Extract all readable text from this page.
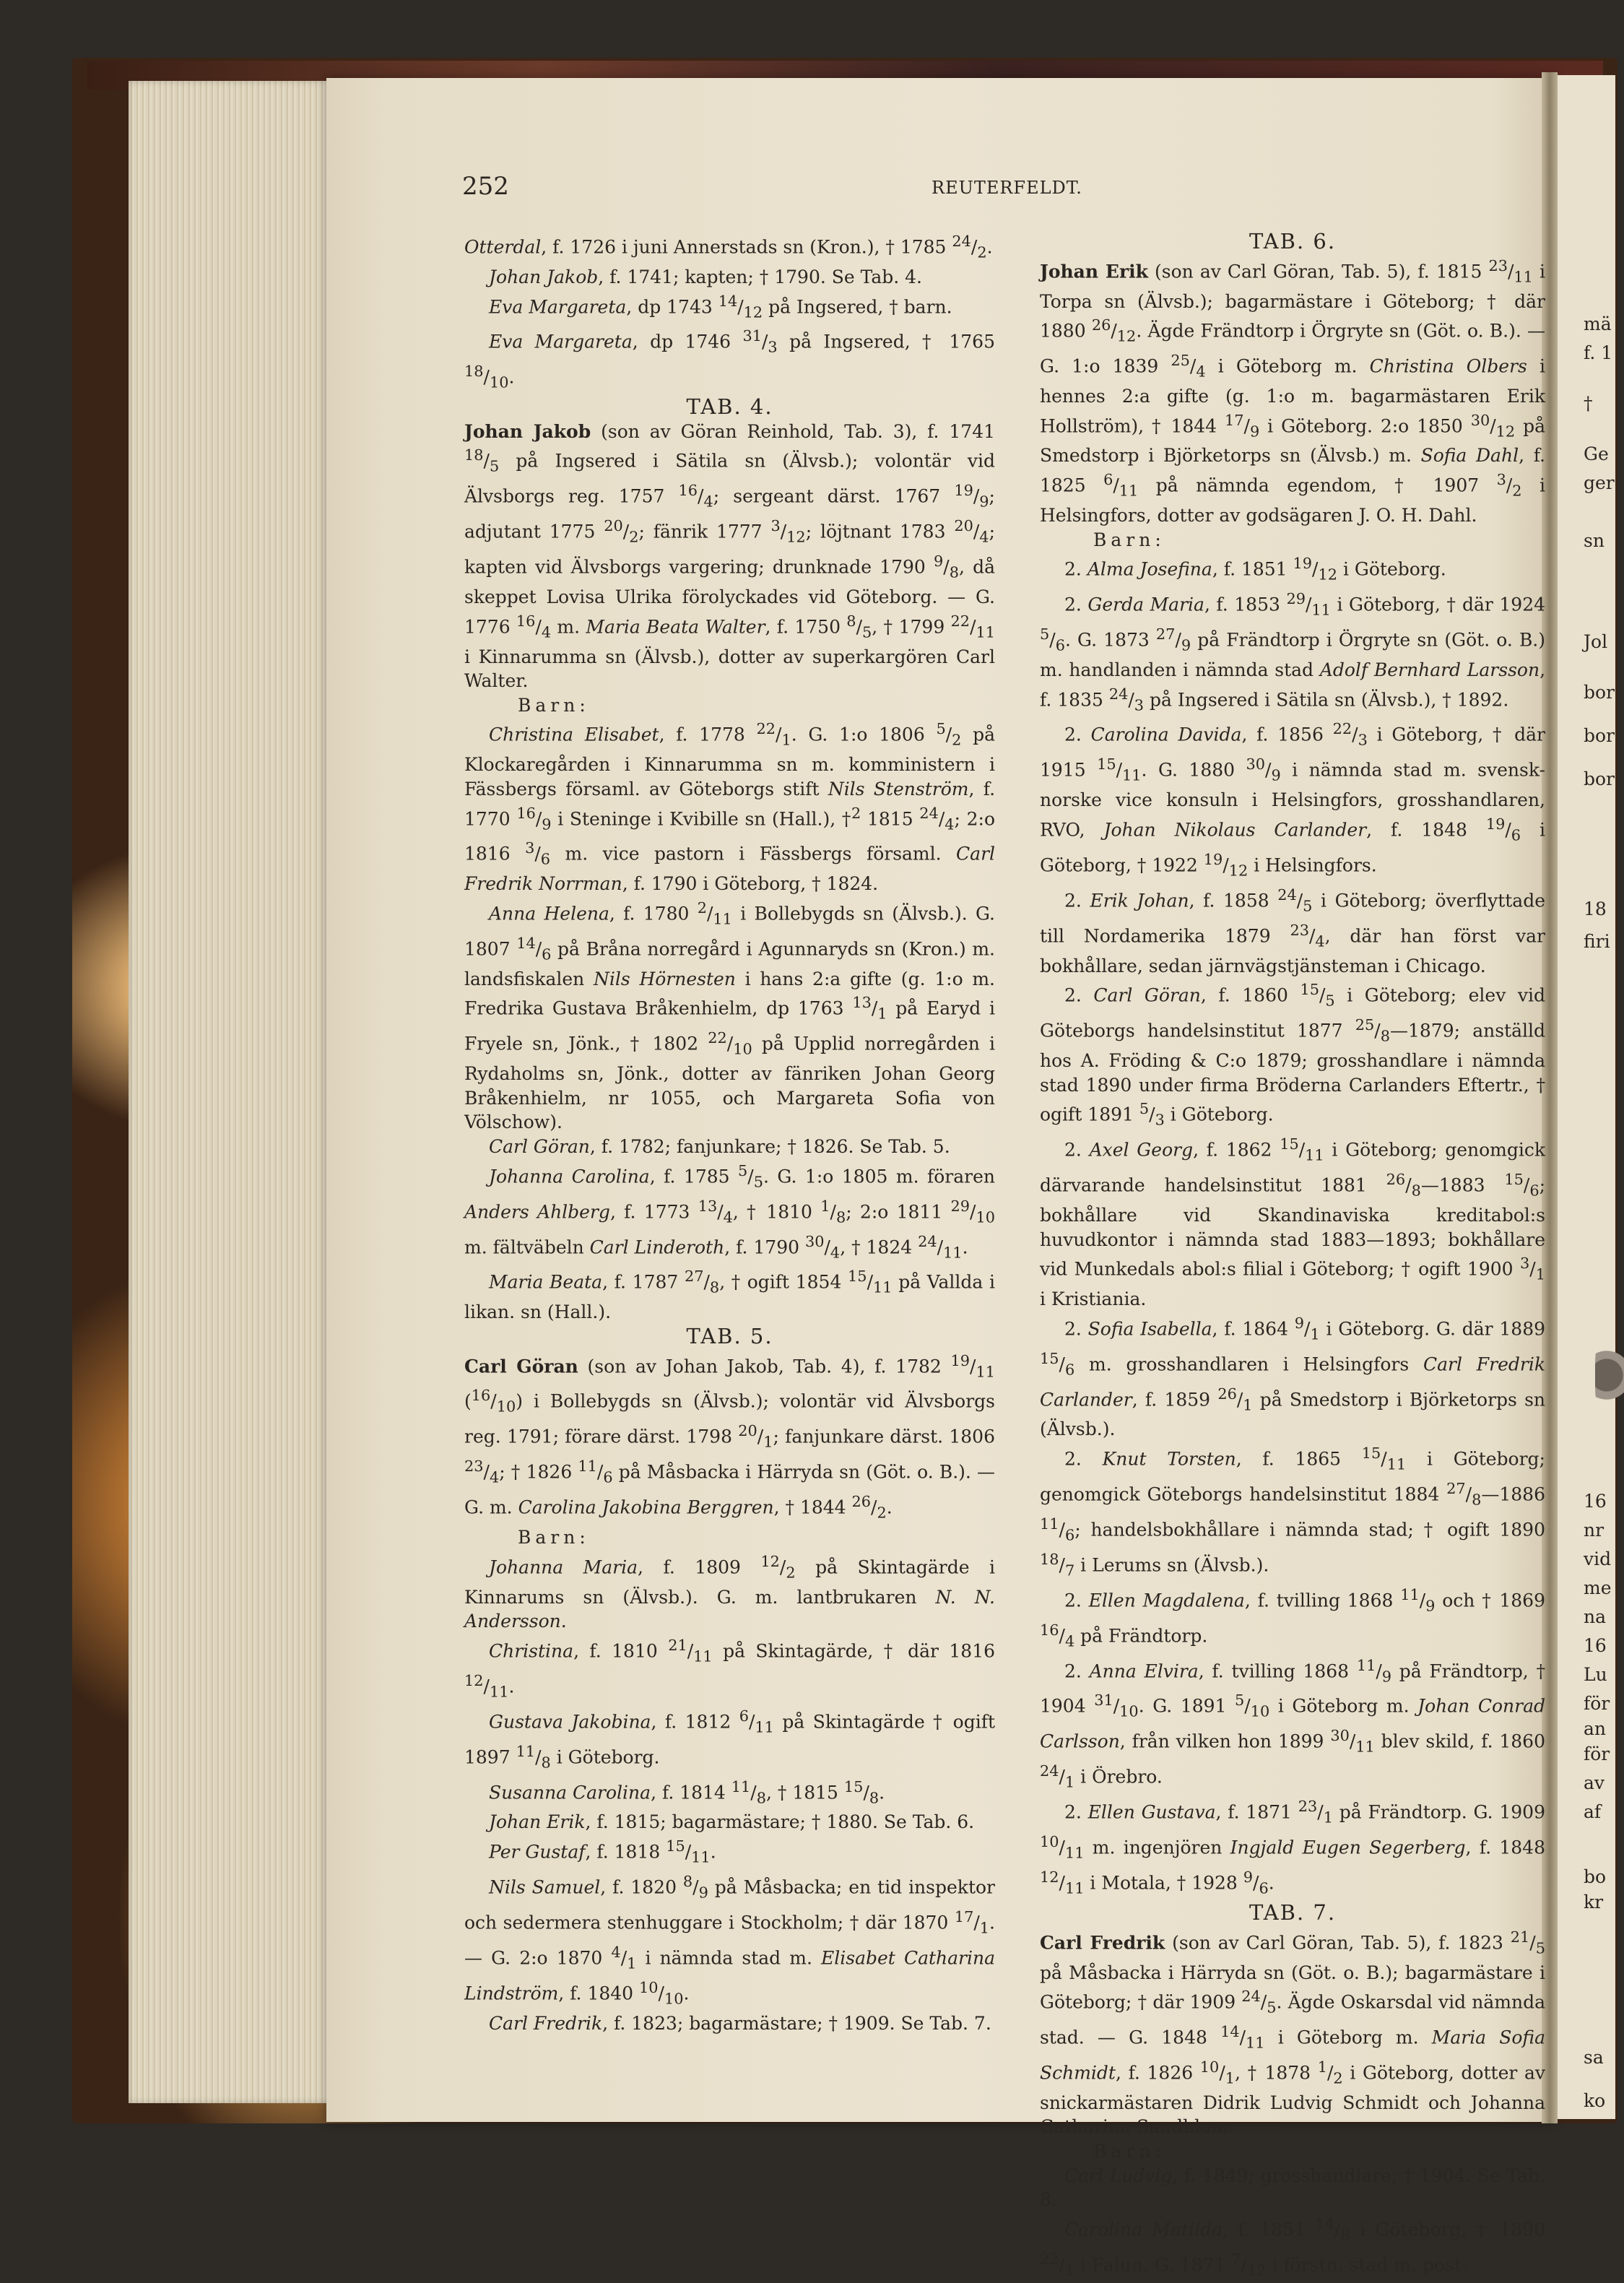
mä
f. 1
†
Ge
ger
sn
Jol
bor
bor
bor
18
firi
16
nr
vid
me
na
16
Lu
för
an
för
av
af
bo
kr
sa
ko
252	REUTERFELDT.

Otterdal, f. 1726 i juni Annerstads sn (Kron.), † 1785 $^{24}/_2$.

Johan Jakob, f. 1741; kapten; † 1790. Se Tab. 4.

Eva Margareta, dp 1743 $^{14}/_{12}$ på Ingsered, † barn.

Eva Margareta, dp 1746 $^{31}/_3$ på Ingsered, † 1765 $^{18}/_{10}$.

TAB. 4.

Johan Jakob (son av Göran Reinhold, Tab. 3), f. 1741 $^{18}/_5$ på Ingsered i Sätila sn (Älvsb.); volontär vid Älvsborgs reg. 1757 $^{16}/_4$; sergeant därst. 1767 $^{19}/_9$; adjutant 1775 $^{20}/_2$; fänrik 1777 $^3/_{12}$; löjtnant 1783 $^{20}/_4$; kapten vid Älvsborgs vargering; drunknade 1790 $^9/_8$, då skeppet Lovisa Ulrika förolyckades vid Göteborg. — G. 1776 $^{16}/_4$ m. Maria Beata Walter, f. 1750 $^8/_5$, † 1799 $^{22}/_{11}$ i Kinnarumma sn (Älvsb.), dotter av superkargören Carl Walter.

Barn:

Christina Elisabet, f. 1778 $^{22}/_1$. G. 1:o 1806 $^5/_2$ på Klockaregården i Kinnarumma sn m. komministern i Fässbergs församl. av Göteborgs stift Nils Stenström, f. 1770 $^{16}/_9$ i Steninge i Kvibille sn (Hall.), †$^2$ 1815 $^{24}/_4$; 2:o 1816 $^3/_6$ m. vice pastorn i Fässbergs församl. Carl Fredrik Norrman, f. 1790 i Göteborg, † 1824.

Anna Helena, f. 1780 $^2/_{11}$ i Bollebygds sn (Älvsb.). G. 1807 $^{14}/_6$ på Bråna norregård i Agunnaryds sn (Kron.) m. landsfiskalen Nils Hörnesten i hans 2:a gifte (g. 1:o m. Fredrika Gustava Bråkenhielm, dp 1763 $^{13}/_1$ på Earyd i Fryele sn, Jönk., † 1802 $^{22}/_{10}$ på Upplid norregården i Rydaholms sn, Jönk., dotter av fänriken Johan Georg Bråkenhielm, nr 1055, och Margareta Sofia von Völschow).

Carl Göran, f. 1782; fanjunkare; † 1826. Se Tab. 5.

Johanna Carolina, f. 1785 $^5/_5$. G. 1:o 1805 m. föraren Anders Ahlberg, f. 1773 $^{13}/_4$, † 1810 $^1/_8$; 2:o 1811 $^{29}/_{10}$ m. fältväbeln Carl Linderoth, f. 1790 $^{30}/_4$, † 1824 $^{24}/_{11}$.

Maria Beata, f. 1787 $^{27}/_8$, † ogift 1854 $^{15}/_{11}$ på Vallda i likan. sn (Hall.).

TAB. 5.

Carl Göran (son av Johan Jakob, Tab. 4), f. 1782 $^{19}/_{11}$ $(^{16}/_{10})$ i Bollebygds sn (Älvsb.); volontär vid Älvsborgs reg. 1791; förare därst. 1798 $^{20}/_1$; fanjunkare därst. 1806 $^{23}/_4$; † 1826 $^{11}/_6$ på Måsbacka i Härryda sn (Göt. o. B.). — G. m. Carolina Jakobina Berggren, † 1844 $^{26}/_2$.

Barn:

Johanna Maria, f. 1809 $^{12}/_2$ på Skintagärde i Kinnarums sn (Älvsb.). G. m. lantbrukaren N. N. Andersson.

Christina, f. 1810 $^{21}/_{11}$ på Skintagärde, † där 1816 $^{12}/_{11}$.

Gustava Jakobina, f. 1812 $^6/_{11}$ på Skintagärde † ogift 1897 $^{11}/_8$ i Göteborg.

Susanna Carolina, f. 1814 $^{11}/_8$, † 1815 $^{15}/_8$.

Johan Erik, f. 1815; bagarmästare; † 1880. Se Tab. 6.

Per Gustaf, f. 1818 $^{15}/_{11}$.

Nils Samuel, f. 1820 $^8/_9$ på Måsbacka; en tid inspektor och sedermera stenhuggare i Stockholm; † där 1870 $^{17}/_1$. — G. 2:o 1870 $^4/_1$ i nämnda stad m. Elisabet Catharina Lindström, f. 1840 $^{10}/_{10}$.

Carl Fredrik, f. 1823; bagarmästare; † 1909. Se Tab. 7.

TAB. 6.

Johan Erik (son av Carl Göran, Tab. 5), f. 1815 $^{23}/_{11}$ i Torpa sn (Älvsb.); bagarmästare i Göteborg; † där 1880 $^{26}/_{12}$. Ägde Frändtorp i Örgryte sn (Göt. o. B.). — G. 1:o 1839 $^{25}/_4$ i Göteborg m. Christina Olbers i hennes 2:a gifte (g. 1:o m. bagarmästaren Erik Hollström), † 1844 $^{17}/_9$ i Göteborg. 2:o 1850 $^{30}/_{12}$ på Smedstorp i Björketorps sn (Älvsb.) m. Sofia Dahl, f. 1825 $^6/_{11}$ på nämnda egendom, † 1907 $^3/_2$ i Helsingfors, dotter av godsägaren J. O. H. Dahl.

Barn:

2. Alma Josefina, f. 1851 $^{19}/_{12}$ i Göteborg.

2. Gerda Maria, f. 1853 $^{29}/_{11}$ i Göteborg, † där 1924 $^5/_6$. G. 1873 $^{27}/_9$ på Frändtorp i Örgryte sn (Göt. o. B.) m. handlanden i nämnda stad Adolf Bernhard Larsson, f. 1835 $^{24}/_3$ på Ingsered i Sätila sn (Älvsb.), † 1892.

2. Carolina Davida, f. 1856 $^{22}/_3$ i Göteborg, † där 1915 $^{15}/_{11}$. G. 1880 $^{30}/_9$ i nämnda stad m. svensk-norske vice konsuln i Helsingfors, grosshandlaren, RVO, Johan Nikolaus Carlander, f. 1848 $^{19}/_6$ i Göteborg, † 1922 $^{19}/_{12}$ i Helsingfors.

2. Erik Johan, f. 1858 $^{24}/_5$ i Göteborg; överflyttade till Nordamerika 1879 $^{23}/_4$, där han först var bokhållare, sedan järnvägstjänsteman i Chicago.

2. Carl Göran, f. 1860 $^{15}/_5$ i Göteborg; elev vid Göteborgs handelsinstitut 1877 $^{25}/_8—1879$; anställd hos A. Fröding & C:o 1879; grosshandlare i nämnda stad 1890 under firma Bröderna Carlanders Eftertr., † ogift 1891 $^5/_3$ i Göteborg.

2. Axel Georg, f. 1862 $^{15}/_{11}$ i Göteborg; genomgick därvarande handelsinstitut 1881 $^{26}/_8—1883$ $^{15}/_6$; bokhållare vid Skandinaviska kreditabol:s huvudkontor i nämnda stad 1883—1893; bokhållare vid Munkedals abol:s filial i Göteborg; † ogift 1900 $^3/_1$ i Kristiania.

2. Sofia Isabella, f. 1864 $^9/_1$ i Göteborg. G. där 1889 $^{15}/_6$ m. grosshandlaren i Helsingfors Carl Fredrik Carlander, f. 1859 $^{26}/_1$ på Smedstorp i Björketorps sn (Älvsb.).

2. Knut Torsten, f. 1865 $^{15}/_{11}$ i Göteborg; genomgick Göteborgs handelsinstitut 1884 $^{27}/_8—1886$ $^{11}/_6$; handelsbokhållare i nämnda stad; † ogift 1890 $^{18}/_7$ i Lerums sn (Älvsb.).

2. Ellen Magdalena, f. tvilling 1868 $^{11}/_9$ och † 1869 $^{16}/_4$ på Frändtorp.

2. Anna Elvira, f. tvilling 1868 $^{11}/_9$ på Frändtorp, † 1904 $^{31}/_{10}$. G. 1891 $^5/_{10}$ i Göteborg m. Johan Conrad Carlsson, från vilken hon 1899 $^{30}/_{11}$ blev skild, f. 1860 $^{24}/_1$ i Örebro.

2. Ellen Gustava, f. 1871 $^{23}/_1$ på Frändtorp. G. 1909 $^{10}/_{11}$ m. ingenjören Ingjald Eugen Segerberg, f. 1848 $^{12}/_{11}$ i Motala, † 1928 $^9/_6$.

TAB. 7.

Carl Fredrik (son av Carl Göran, Tab. 5), f. 1823 $^{21}/_5$ på Måsbacka i Härryda sn (Göt. o. B.); bagarmästare i Göteborg; † där 1909 $^{24}/_5$. Ägde Oskarsdal vid nämnda stad. — G. 1848 $^{14}/_{11}$ i Göteborg m. Maria Sofia Schmidt, f. 1826 $^{10}/_1$, † 1878 $^1/_2$ i Göteborg, dotter av snickarmästaren Didrik Ludvig Schmidt och Johanna Catharina Sandblom.

Barn:

Carl Ludvig, f. 1849; grosshandlare; † 1904. Se Tab. 8.

Carolina Matilda, f. 1851 $^{14}/_8$ i Göteborg, † 1890 $^{22}/_1$ i Falun. G. 1871 $^7/_{12}$ i förstn. stad m. post-
